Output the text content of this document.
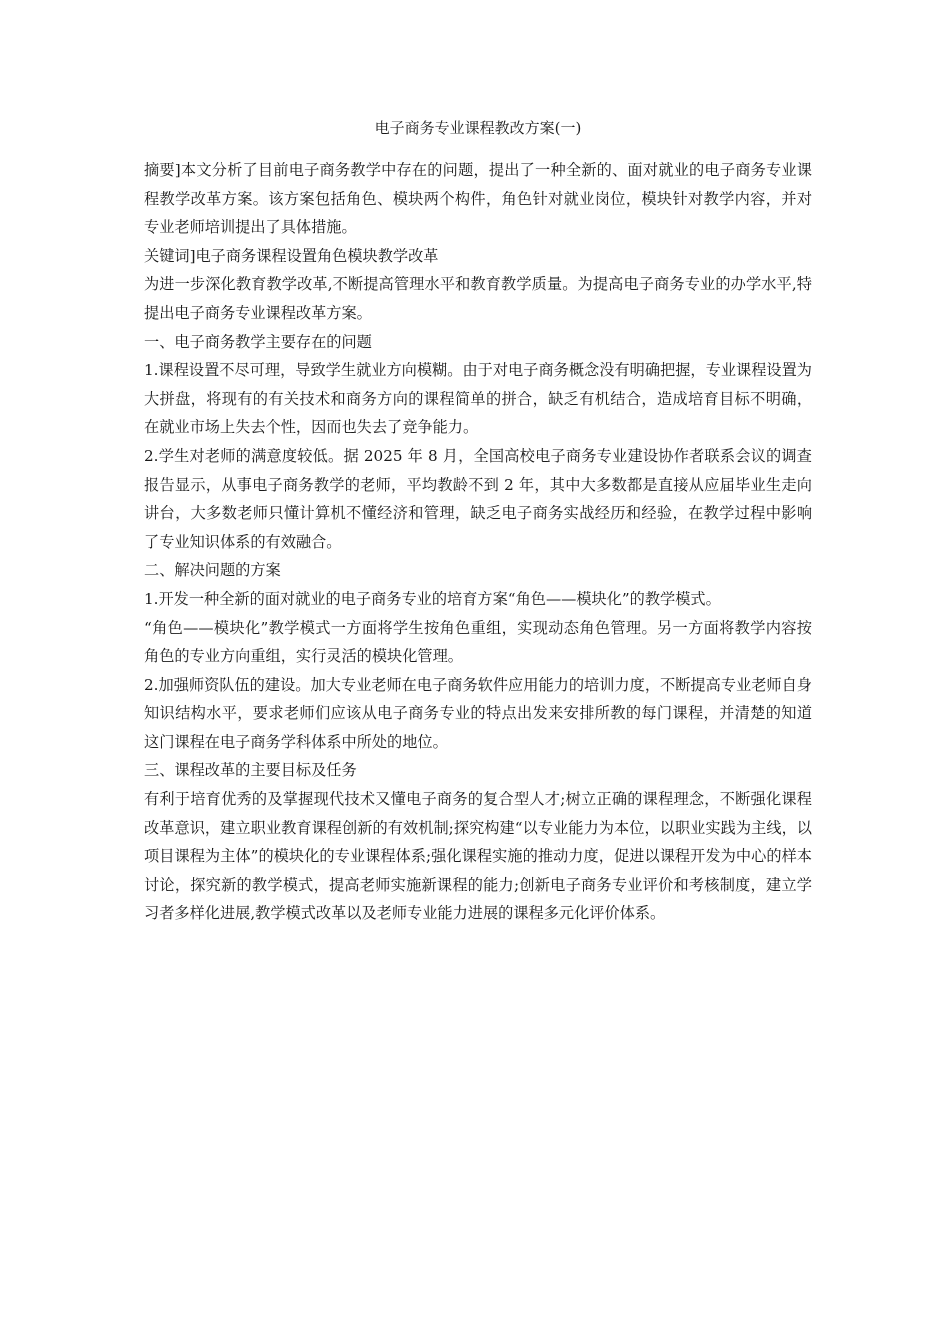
电子商务专业课程教改方案(一)

摘要]本文分析了目前电子商务教学中存在的问题，提出了一种全新的、面对就业的电子商务专业课程教学改革方案。该方案包括角色、模块两个构件，角色针对就业岗位，模块针对教学内容，并对专业老师培训提出了具体措施。

关键词]电子商务课程设置角色模块教学改革

为进一步深化教育教学改革,不断提高管理水平和教育教学质量。为提高电子商务专业的办学水平,特提出电子商务专业课程改革方案。

一、电子商务教学主要存在的问题

1.课程设置不尽可理，导致学生就业方向模糊。由于对电子商务概念没有明确把握，专业课程设置为大拼盘，将现有的有关技术和商务方向的课程简单的拼合，缺乏有机结合，造成培育目标不明确，在就业市场上失去个性，因而也失去了竞争能力。

2.学生对老师的满意度较低。据 2025 年 8 月，全国高校电子商务专业建设协作者联系会议的调查报告显示，从事电子商务教学的老师，平均教龄不到 2 年，其中大多数都是直接从应届毕业生走向讲台，大多数老师只懂计算机不懂经济和管理，缺乏电子商务实战经历和经验，在教学过程中影响了专业知识体系的有效融合。

二、解决问题的方案

1.开发一种全新的面对就业的电子商务专业的培育方案“角色——模块化”的教学模式。

“角色——模块化”教学模式一方面将学生按角色重组，实现动态角色管理。另一方面将教学内容按角色的专业方向重组，实行灵活的模块化管理。

2.加强师资队伍的建设。加大专业老师在电子商务软件应用能力的培训力度，不断提高专业老师自身知识结构水平，要求老师们应该从电子商务专业的特点出发来安排所教的每门课程，并清楚的知道这门课程在电子商务学科体系中所处的地位。

三、课程改革的主要目标及任务

有利于培育优秀的及掌握现代技术又懂电子商务的复合型人才;树立正确的课程理念，不断强化课程改革意识，建立职业教育课程创新的有效机制;探究构建“以专业能力为本位，以职业实践为主线，以项目课程为主体”的模块化的专业课程体系;强化课程实施的推动力度，促进以课程开发为中心的样本讨论，探究新的教学模式，提高老师实施新课程的能力;创新电子商务专业评价和考核制度，建立学习者多样化进展,教学模式改革以及老师专业能力进展的课程多元化评价体系。
